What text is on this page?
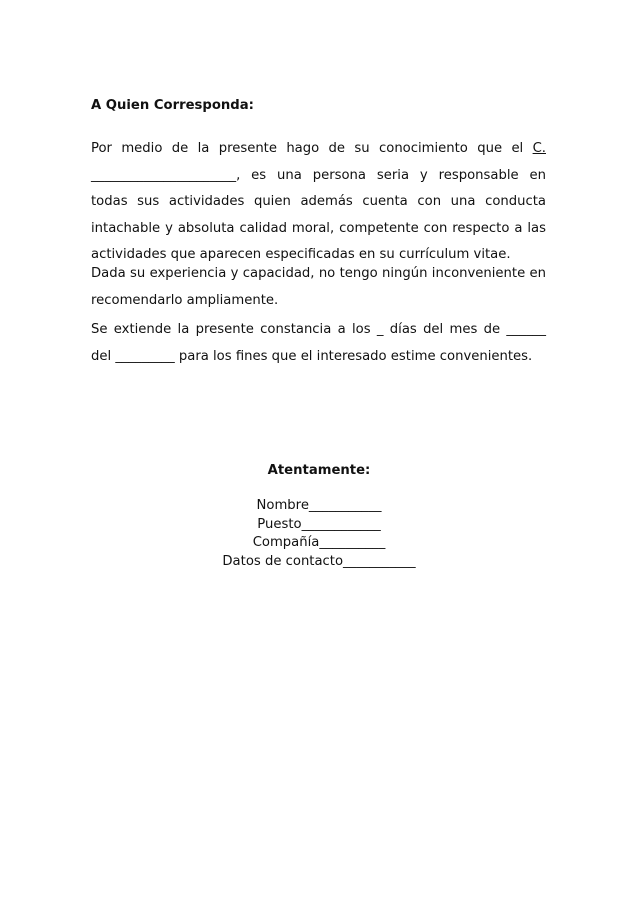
A Quien Corresponda:

Por medio de la presente hago de su conocimiento que el C.
______________________, es una persona seria y responsable en
todas sus actividades quien además cuenta con una conducta
intachable y absoluta calidad moral, competente con respecto a las
actividades que aparecen especificadas en su currículum vitae.
Dada su experiencia y capacidad, no tengo ningún inconveniente en
recomendarlo ampliamente.
Se extiende la presente constancia a los _ días del mes de ______
del _________ para los fines que el interesado estime convenientes.

Atentamente:

Nombre___________
Puesto____________
Compañía__________
Datos de contacto___________
